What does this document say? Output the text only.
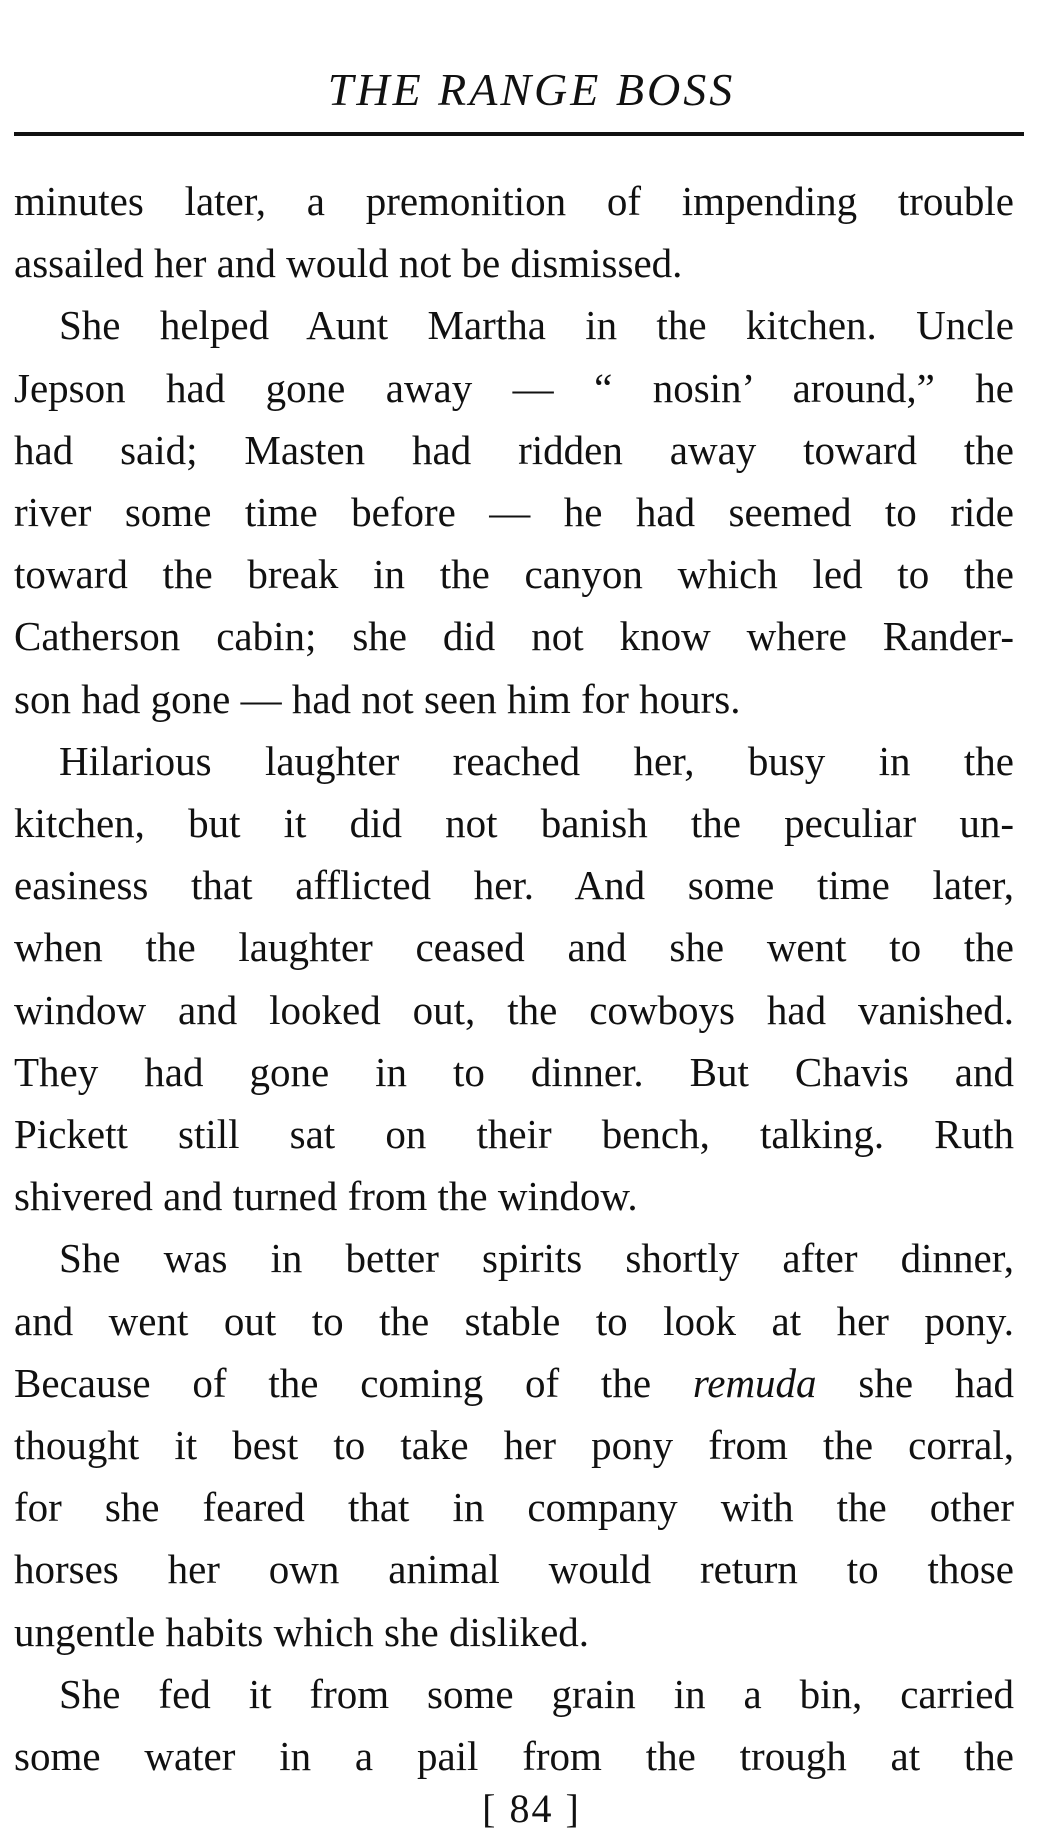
THE RANGE BOSS

minutes later, a premonition of impending trouble

assailed her and would not be dismissed.

She helped Aunt Martha in the kitchen. Uncle

Jepson had gone away — “ nosin’ around,” he

had said; Masten had ridden away toward the

river some time before — he had seemed to ride

toward the break in the canyon which led to the

Catherson cabin; she did not know where Rander-

son had gone — had not seen him for hours.

Hilarious laughter reached her, busy in the

kitchen, but it did not banish the peculiar un-

easiness that afflicted her. And some time later,

when the laughter ceased and she went to the

window and looked out, the cowboys had vanished.

They had gone in to dinner. But Chavis and

Pickett still sat on their bench, talking. Ruth

shivered and turned from the window.

She was in better spirits shortly after dinner,

and went out to the stable to look at her pony.

Because of the coming of the remuda she had

thought it best to take her pony from the corral,

for she feared that in company with the other

horses her own animal would return to those

ungentle habits which she disliked.

She fed it from some grain in a bin, carried

some water in a pail from the trough at the

[ 84 ]
